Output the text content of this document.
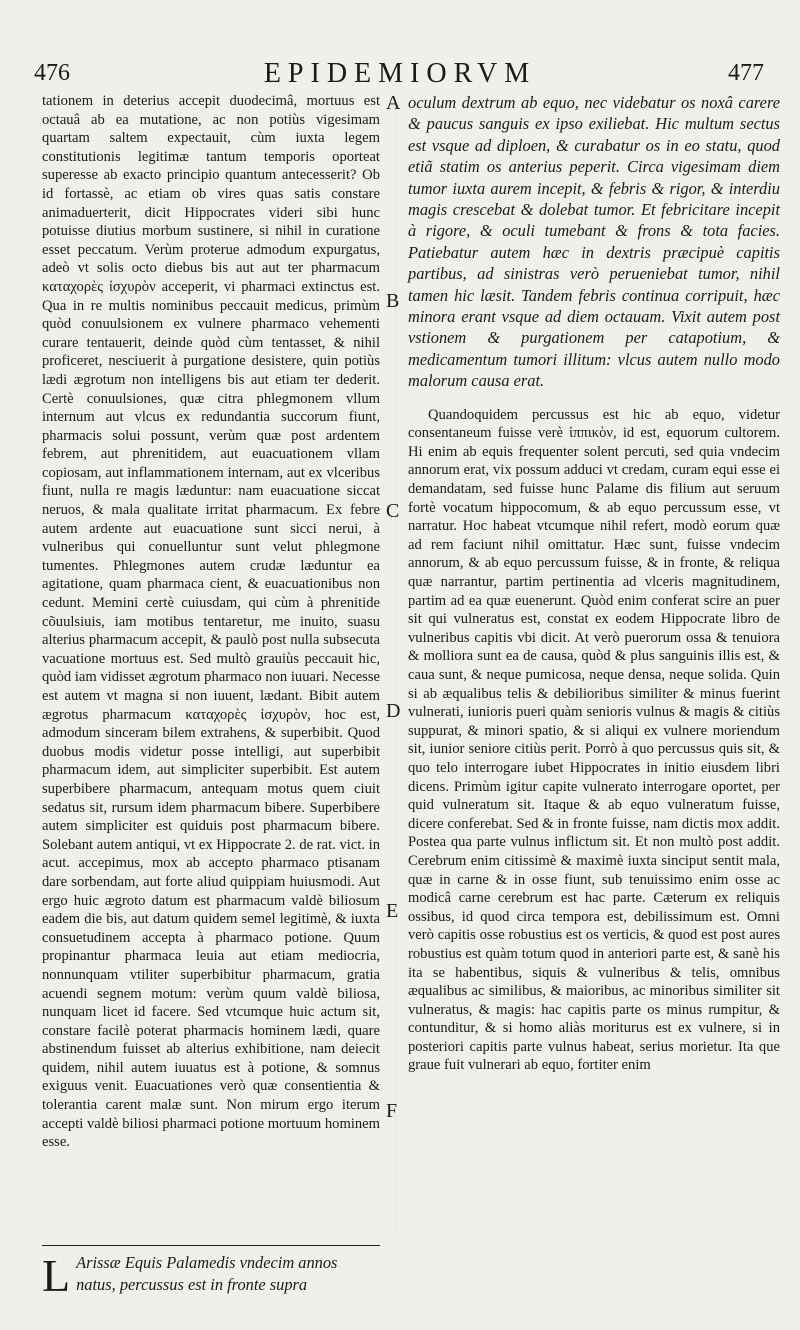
476	EPIDEMIORVM	477

tationem in deterius accepit duodecimâ, mortuus est octauâ ab ea mutatione, ac non potiùs vigesimam quartam saltem expectauit, cùm iuxta legem constitutionis legitimæ tantum temporis oporteat superesse ab exacto principio quantum antecesserit? Ob id fortassè, ac etiam ob vires quas satis constare animaduerterit, dicit Hippocrates videri sibi hunc potuisse diutius morbum sustinere, si nihil in curatione esset peccatum. Verùm proterue admodum expurgatus, adeò vt solis octo diebus bis aut aut ter pharmacum καταχορὲς ἰσχυρὸν acceperit, vi pharmaci extinctus est. Qua in re multis nominibus peccauit medicus, primùm quòd conuulsionem ex vulnere pharmaco vehementi curare tentauerit, deinde quòd cùm tentasset, & nihil proficeret, nesciuerit à purgatione desistere, quin potiùs lædi ægrotum non intelligens bis aut etiam ter dederit. Certè conuulsiones, quæ citra phlegmonem vllum internum aut vlcus ex redundantia succorum fiunt, pharmacis solui possunt, verùm quæ post ardentem febrem, aut phrenitidem, aut euacuationem vllam copiosam, aut inflammationem internam, aut ex vlceribus fiunt, nulla re magis læduntur: nam euacuatione siccat neruos, & mala qualitate irritat pharmacum. Ex febre autem ardente aut euacuatione sunt sicci nerui, à vulneribus qui conuelluntur sunt velut phlegmone tumentes. Phlegmones autem crudæ læduntur ea agitatione, quam pharmaca cient, & euacuationibus non cedunt. Memini certè cuiusdam, qui cùm à phrenitide cõuulsiuis, iam motibus tentaretur, me inuito, suasu alterius pharmacum accepit, & paulò post nulla subsecuta vacuatione mortuus est. Sed multò grauiùs peccauit hic, quòd iam vidisset ægrotum pharmaco non iuuari. Necesse est autem vt magna si non iuuent, lædant. Bibit autem ægrotus pharmacum καταχορὲς ἰσχυρὸν, hoc est, admodum sinceram bilem extrahens, & superbibit. Quod duobus modis videtur posse intelligi, aut superbibit pharmacum idem, aut simpliciter superbibit. Est autem superbibere pharmacum, antequam motus quem ciuit sedatus sit, rursum idem pharmacum bibere. Superbibere autem simpliciter est quiduis post pharmacum bibere. Solebant autem antiqui, vt ex Hippocrate 2. de rat. vict. in acut. accepimus, mox ab accepto pharmaco ptisanam dare sorbendam, aut forte aliud quippiam huiusmodi. Aut ergo huic ægroto datum est pharmacum valdè biliosum eadem die bis, aut datum quidem semel legitimè, & iuxta consuetudinem accepta à pharmaco potione. Quum propinantur pharmaca leuia aut etiam mediocria, nonnunquam vtiliter superbibitur pharmacum, gratia acuendi segnem motum: verùm quum valdè biliosa, nunquam licet id facere. Sed vtcumque huic actum sit, constare facilè poterat pharmacis hominem lædi, quare abstinendum fuisset ab alterius exhibitione, nam deiecit quidem, nihil autem iuuatus est à potione, & somnus exiguus venit. Euacuationes verò quæ consentientia & tolerantia carent malæ sunt. Non mirum ergo iterum accepti valdè biliosi pharmaci potione mortuum hominem esse.

L Arissæ Equis Palamedis vndecim annos natus, percussus est in fronte supra

oculum dextrum ab equo, nec videbatur os noxâ carere & paucus sanguis ex ipso exiliebat. Hic multum sectus est vsque ad diploen, & curabatur os in eo statu, quod etiã statim os anterius peperit. Circa vigesimam diem tumor iuxta aurem incepit, & febris & rigor, & interdiu magis crescebat & dolebat tumor. Et febricitare incepit à rigore, & oculi tumebant & frons & tota facies. Patiebatur autem hæc in dextris præcipuè capitis partibus, ad sinistras verò perueniebat tumor, nihil tamen hic læsit. Tandem febris continua corripuit, hæc minora erant vsque ad diem octauam. Vixit autem post vstionem & purgationem per catapotium, & medicamentum tumori illitum: vlcus autem nullo modo malorum causa erat.

Quandoquidem percussus est hic ab equo, videtur consentaneum fuisse verè ἱππικὸν, id est, equorum cultorem. Hi enim ab equis frequenter solent percuti, sed quia vndecim annorum erat, vix possum adduci vt credam, curam equi esse ei demandatam, sed fuisse hunc Palame dis filium aut seruum fortè vocatum hippocomum, & ab equo percussum esse, vt narratur. Hoc habeat vtcumque nihil refert, modò eorum quæ ad rem faciunt nihil omittatur. Hæc sunt, fuisse vndecim annorum, & ab equo percussum fuisse, & in fronte, & reliqua quæ narrantur, partim pertinentia ad vlceris magnitudinem, partim ad ea quæ euenerunt. Quòd enim conferat scire an puer sit qui vulneratus est, constat ex eodem Hippocrate libro de vulneribus capitis vbi dicit. At verò puerorum ossa & tenuiora & molliora sunt ea de causa, quòd & plus sanguinis illis est, & caua sunt, & neque pumicosa, neque densa, neque solida. Quin si ab æqualibus telis & debilioribus similiter & minus fuerint vulnerati, iunioris pueri quàm senioris vulnus & magis & citiùs suppurat, & minori spatio, & si aliqui ex vulnere moriendum sit, iunior seniore citiùs perit. Porrò à quo percussus quis sit, & quo telo interrogare iubet Hippocrates in initio eiusdem libri dicens. Primùm igitur capite vulnerato interrogare oportet, per quid vulneratum sit. Itaque & ab equo vulneratum fuisse, dicere conferebat. Sed & in fronte fuisse, nam dictis mox addit. Postea qua parte vulnus inflictum sit. Et non multò post addit. Cerebrum enim citissimè & maximè iuxta sinciput sentit mala, quæ in carne & in osse fiunt, sub tenuissimo enim osse ac modicâ carne cerebrum est hac parte. Cæterum ex reliquis ossibus, id quod circa tempora est, debilissimum est. Omni verò capitis osse robustius est os verticis, & quod est post aures robustius est quàm totum quod in anteriori parte est, & sanè his ita se habentibus, siquis & vulneribus & telis, omnibus æqualibus ac similibus, & maioribus, ac minoribus similiter sit vulneratus, & magis: hac capitis parte os minus rumpitur, & contunditur, & si homo aliàs moriturus est ex vulnere, si in posteriori capitis parte vulnus habeat, serius morietur. Ita que graue fuit vulnerari ab equo, fortiter enim

A
B
C
D
E
F
